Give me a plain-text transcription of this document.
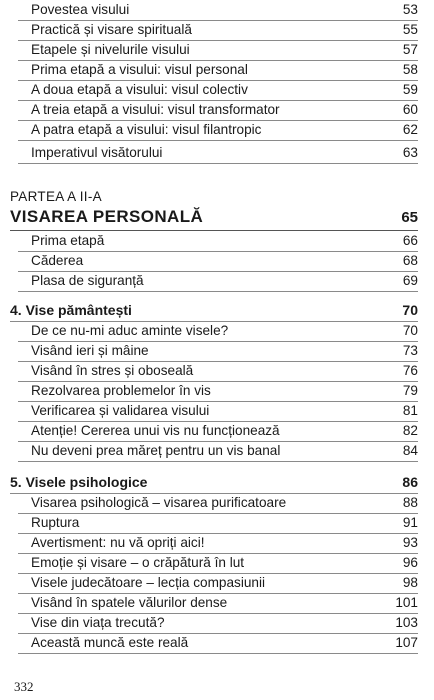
Povestea visului	53
Practică și visare spirituală	55
Etapele și nivelurile visului	57
Prima etapă a visului: visul personal	58
A doua etapă a visului: visul colectiv	59
A treia etapă a visului: visul transformator	60
A patra etapă a visului: visul filantropic	62
Imperativul visătorului	63
PARTEA A II-A
VISAREA PERSONALĂ	65
Prima etapă	66
Căderea	68
Plasa de siguranță	69
4. Vise pământești	70
De ce nu-mi aduc aminte visele?	70
Visând ieri și mâine	73
Visând în stres și oboseală	76
Rezolvarea problemelor în vis	79
Verificarea și validarea visului	81
Atenție! Cererea unui vis nu funcționează	82
Nu deveni prea măreț pentru un vis banal	84
5. Visele psihologice	86
Visarea psihologică – visarea purificatoare	88
Ruptura	91
Avertisment: nu vă opriți aici!	93
Emoție și visare – o crăpătură în lut	96
Visele judecătoare – lecția compasiunii	98
Visând în spatele vălurilor dense	101
Vise din viața trecută?	103
Această muncă este reală	107
332
